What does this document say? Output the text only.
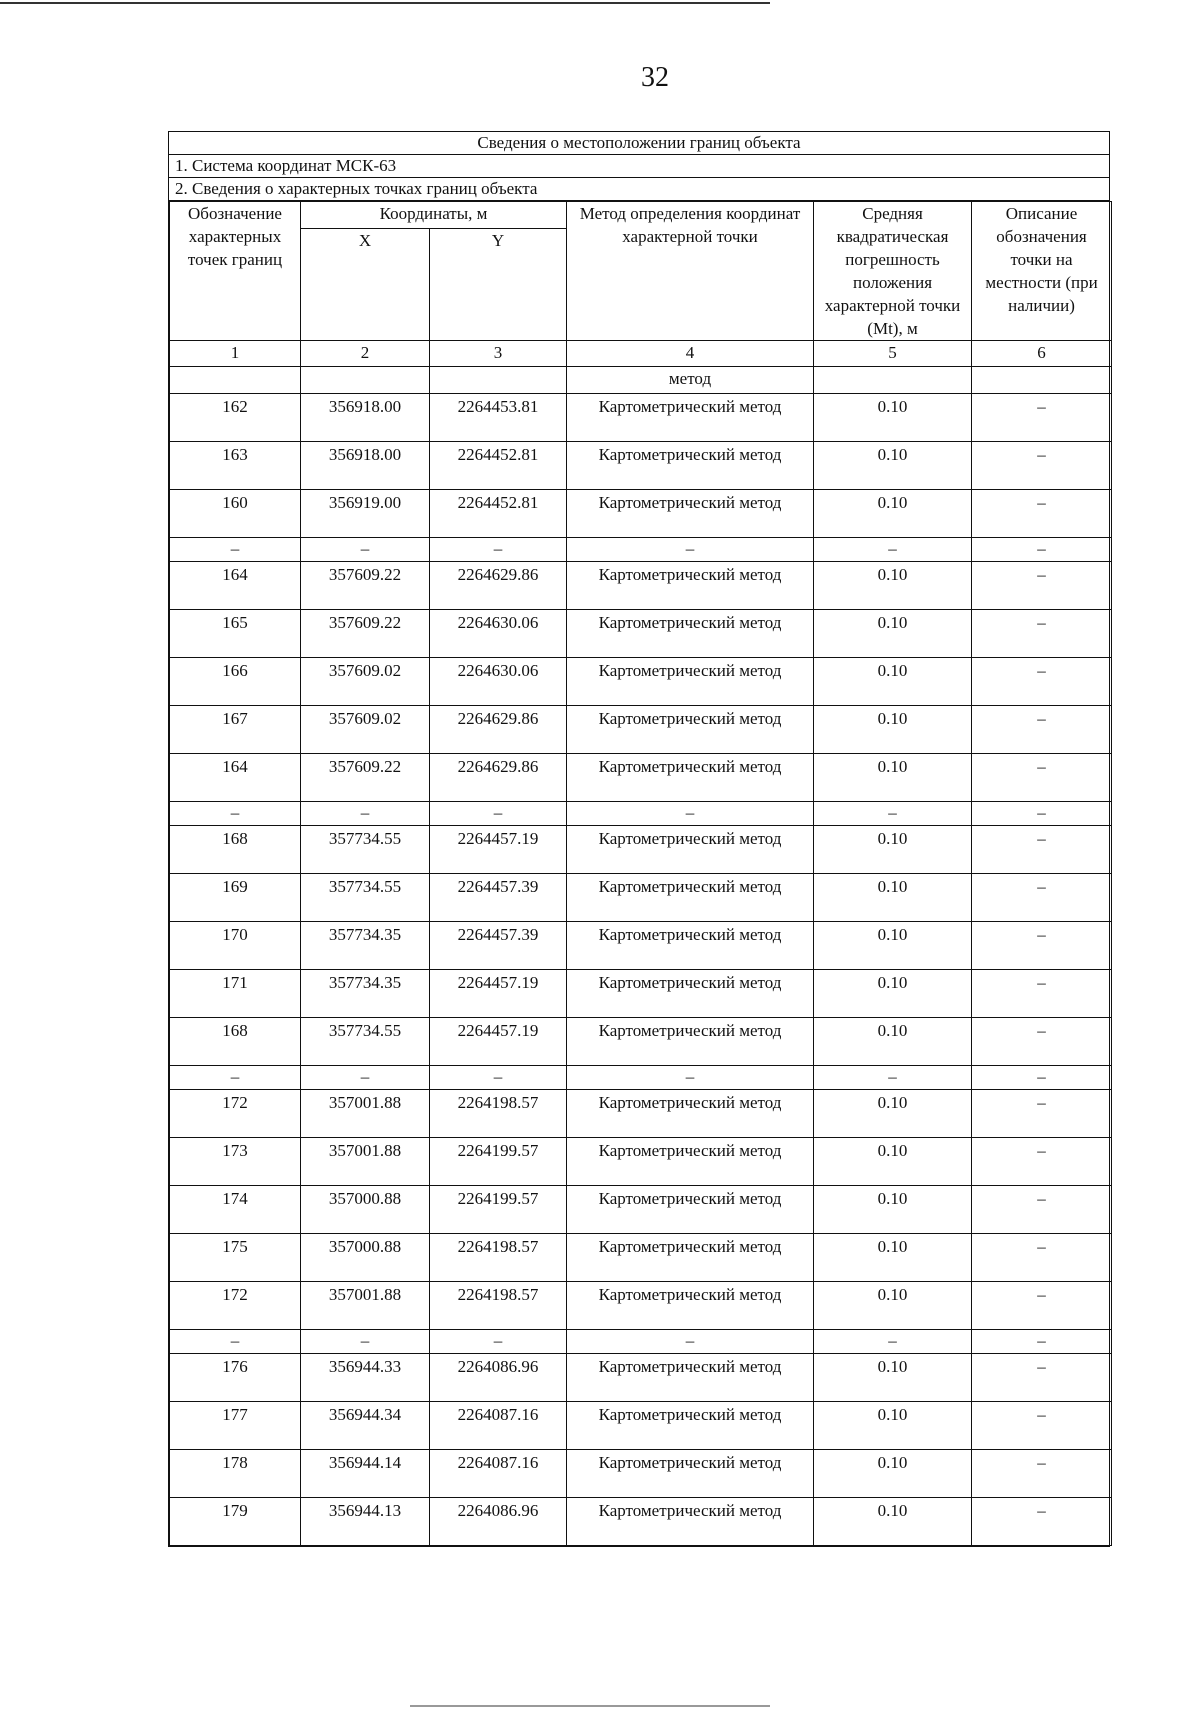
32
Сведения о местоположении границ объекта
1. Система координат МСК-63
2. Сведения о характерных точках границ объекта
Обозначение характерных точек границ	Координаты, м		Метод определения координат характерной точки	Средняя квадратическая погрешность положения характерной точки (Mt), м	Описание обозначения точки на местности (при наличии)
	X	Y			
1	2	3	4	5	6
			метод		
162	356918.00	2264453.81	Картометрический метод	0.10	–
163	356918.00	2264452.81	Картометрический метод	0.10	–
160	356919.00	2264452.81	Картометрический метод	0.10	–
–	–	–	–	–	–
164	357609.22	2264629.86	Картометрический метод	0.10	–
165	357609.22	2264630.06	Картометрический метод	0.10	–
166	357609.02	2264630.06	Картометрический метод	0.10	–
167	357609.02	2264629.86	Картометрический метод	0.10	–
164	357609.22	2264629.86	Картометрический метод	0.10	–
–	–	–	–	–	–
168	357734.55	2264457.19	Картометрический метод	0.10	–
169	357734.55	2264457.39	Картометрический метод	0.10	–
170	357734.35	2264457.39	Картометрический метод	0.10	–
171	357734.35	2264457.19	Картометрический метод	0.10	–
168	357734.55	2264457.19	Картометрический метод	0.10	–
–	–	–	–	–	–
172	357001.88	2264198.57	Картометрический метод	0.10	–
173	357001.88	2264199.57	Картометрический метод	0.10	–
174	357000.88	2264199.57	Картометрический метод	0.10	–
175	357000.88	2264198.57	Картометрический метод	0.10	–
172	357001.88	2264198.57	Картометрический метод	0.10	–
–	–	–	–	–	–
176	356944.33	2264086.96	Картометрический метод	0.10	–
177	356944.34	2264087.16	Картометрический метод	0.10	–
178	356944.14	2264087.16	Картометрический метод	0.10	–
179	356944.13	2264086.96	Картометрический метод	0.10	–
